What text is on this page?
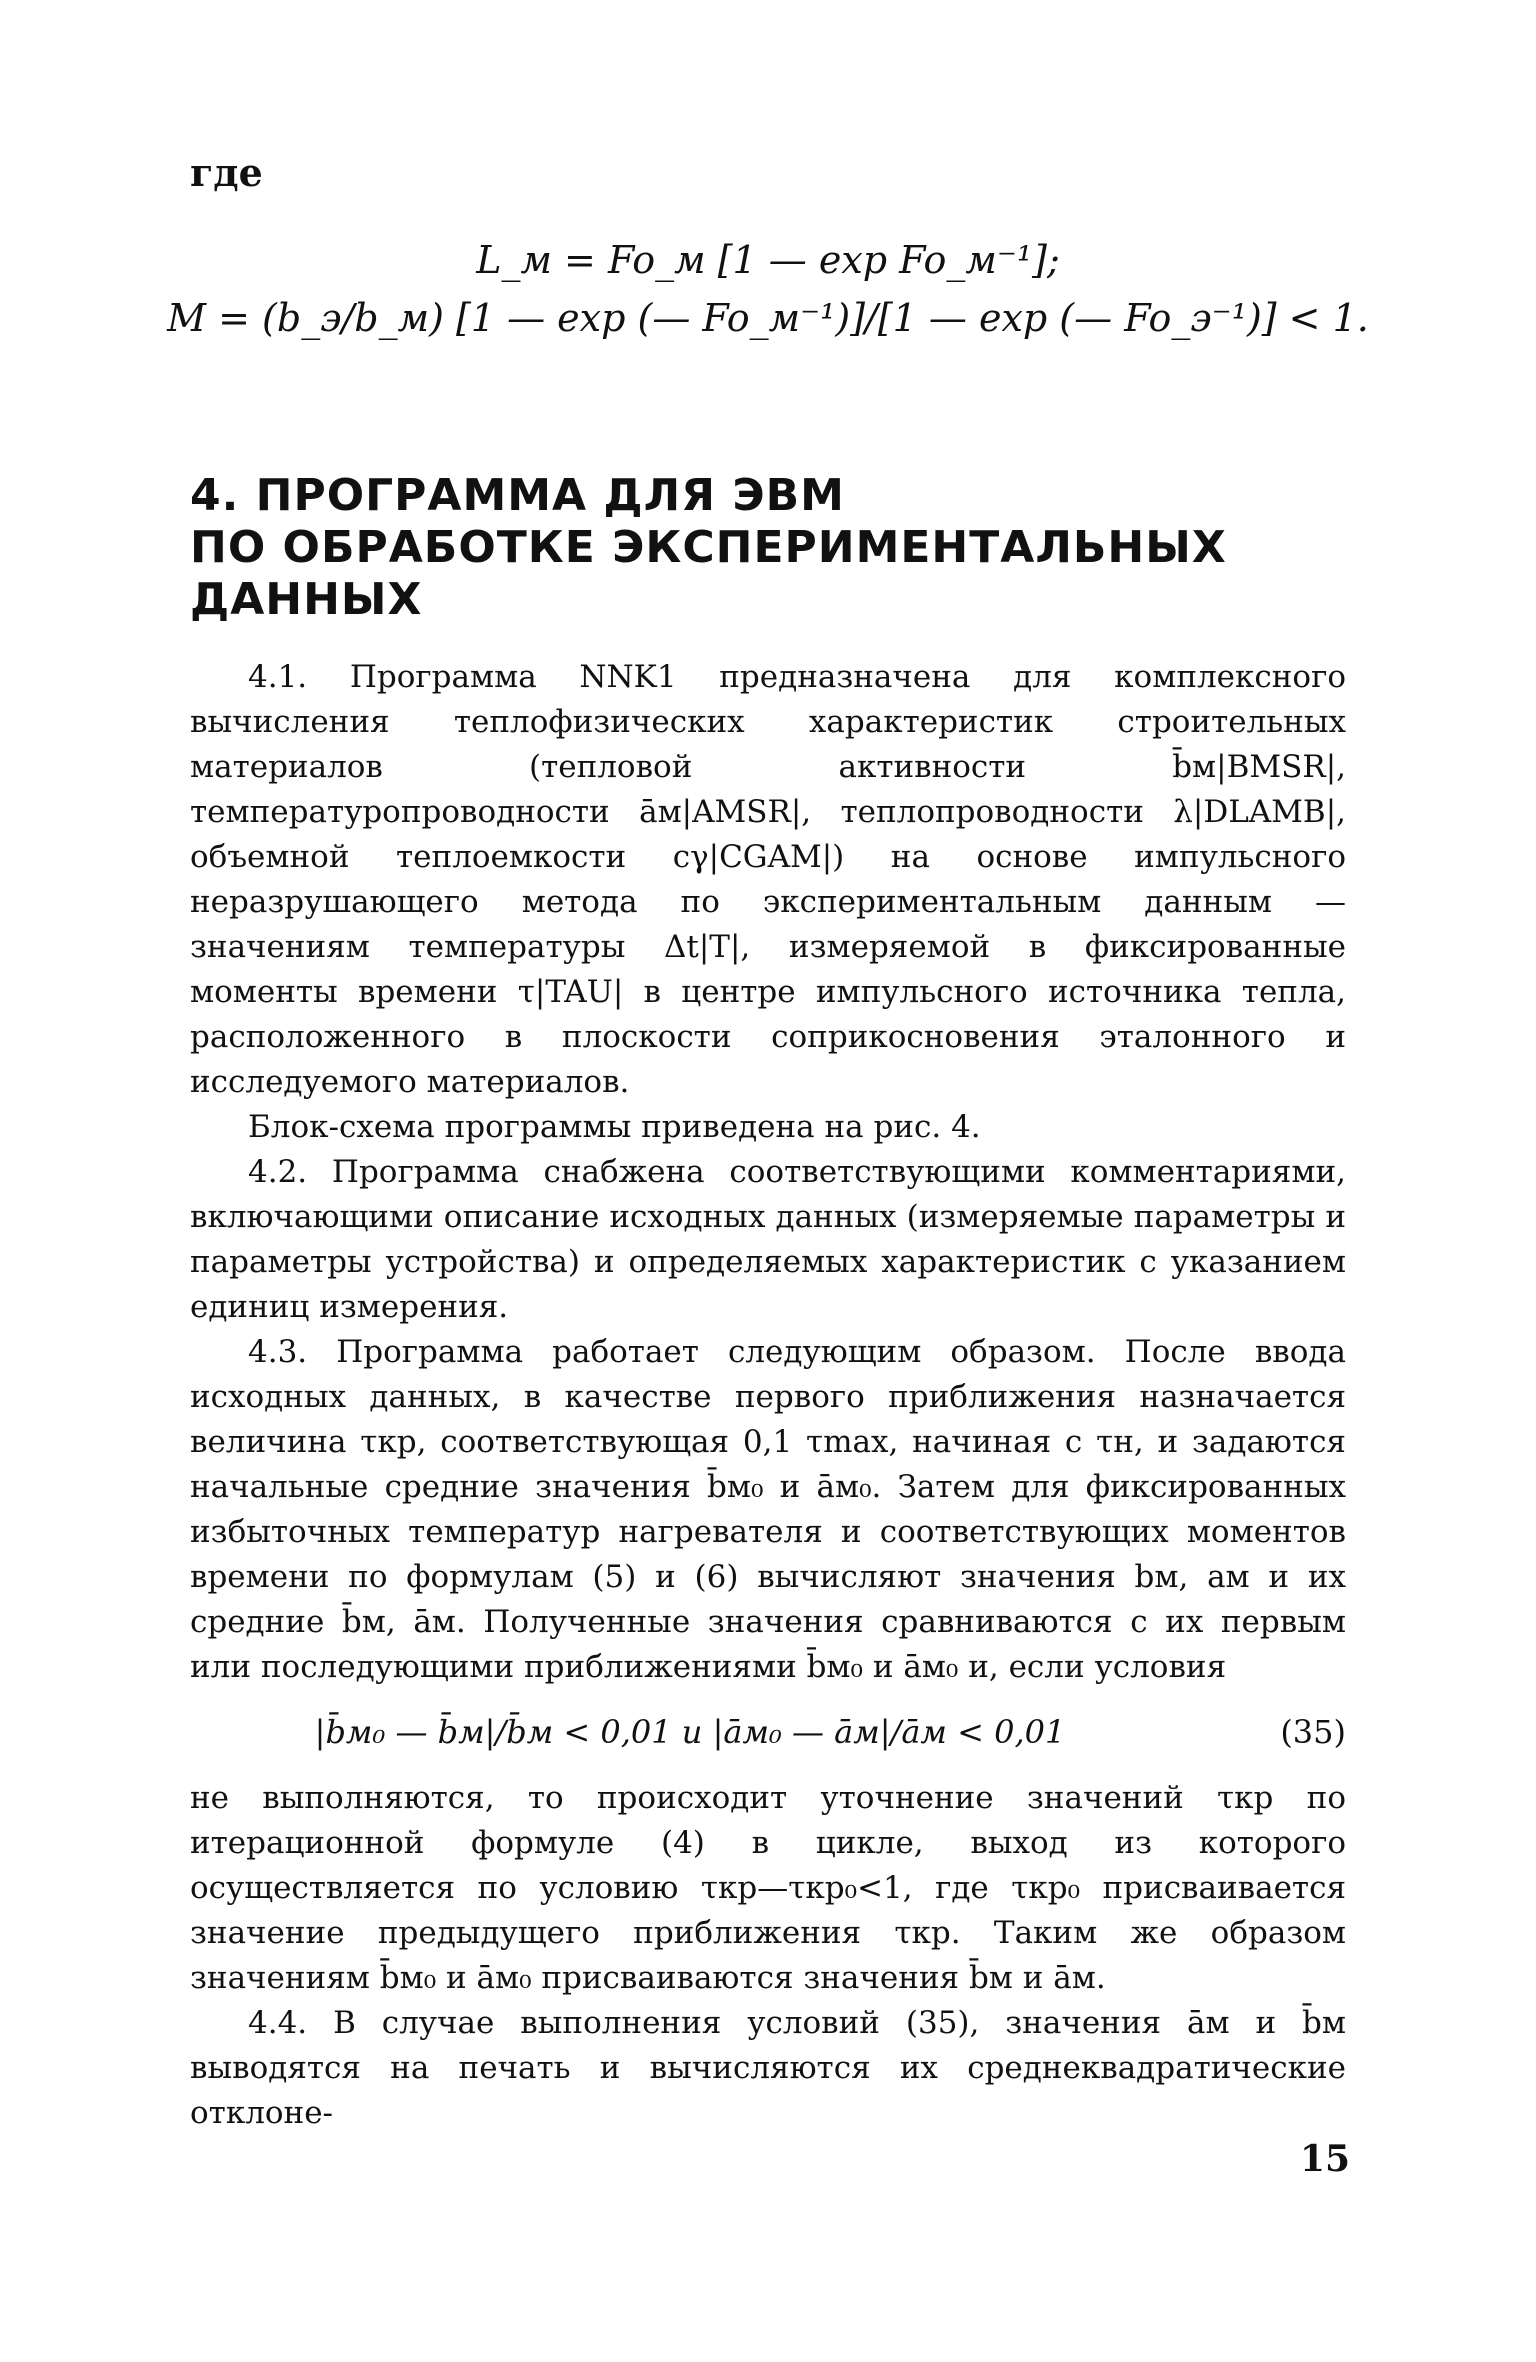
где
L_м = Fo_м [1 — exp Fo_м⁻¹];
M = (b_э/b_м) [1 — exp (— Fo_м⁻¹)]/[1 — exp (— Fo_э⁻¹)] < 1.
4. ПРОГРАММА ДЛЯ ЭВМ
ПО ОБРАБОТКЕ ЭКСПЕРИМЕНТАЛЬНЫХ
ДАННЫХ

4.1. Программа NNK1 предназначена для комплексного вычисления теплофизических характеристик строительных материалов (тепловой активности b̄м|BMSR|, температуропроводности āм|AMSR|, теплопроводности λ|DLAMB|, объемной теплоемкости cγ|CGAM|) на основе импульсного неразрушающего метода по экспериментальным данным — значениям температуры Δt|T|, измеряемой в фиксированные моменты времени τ|TAU| в центре импульсного источника тепла, расположенного в плоскости соприкосновения эталонного и исследуемого материалов.

Блок-схема программы приведена на рис. 4.

4.2. Программа снабжена соответствующими комментариями, включающими описание исходных данных (измеряемые параметры и параметры устройства) и определяемых характеристик с указанием единиц измерения.

4.3. Программа работает следующим образом. После ввода исходных данных, в качестве первого приближения назначается величина τкр, соответствующая 0,1 τmax, начиная с τн, и задаются начальные средние значения b̄м₀ и āм₀. Затем для фиксированных избыточных температур нагревателя и соответствующих моментов времени по формулам (5) и (6) вычисляют значения bм, aм и их средние b̄м, āм. Полученные значения сравниваются с их первым или последующими приближениями b̄м₀ и āм₀ и, если условия

|b̄м₀ — b̄м|/b̄м < 0,01 и |āм₀ — āм|/āм < 0,01	(35)

не выполняются, то происходит уточнение значений τкр по итерационной формуле (4) в цикле, выход из которого осуществляется по условию τкр—τкр₀<1, где τкр₀ присваивается значение предыдущего приближения τкр. Таким же образом значениям b̄м₀ и āм₀ присваиваются значения b̄м и āм.

4.4. В случае выполнения условий (35), значения āм и b̄м выводятся на печать и вычисляются их среднеквадратические отклоне-

15
